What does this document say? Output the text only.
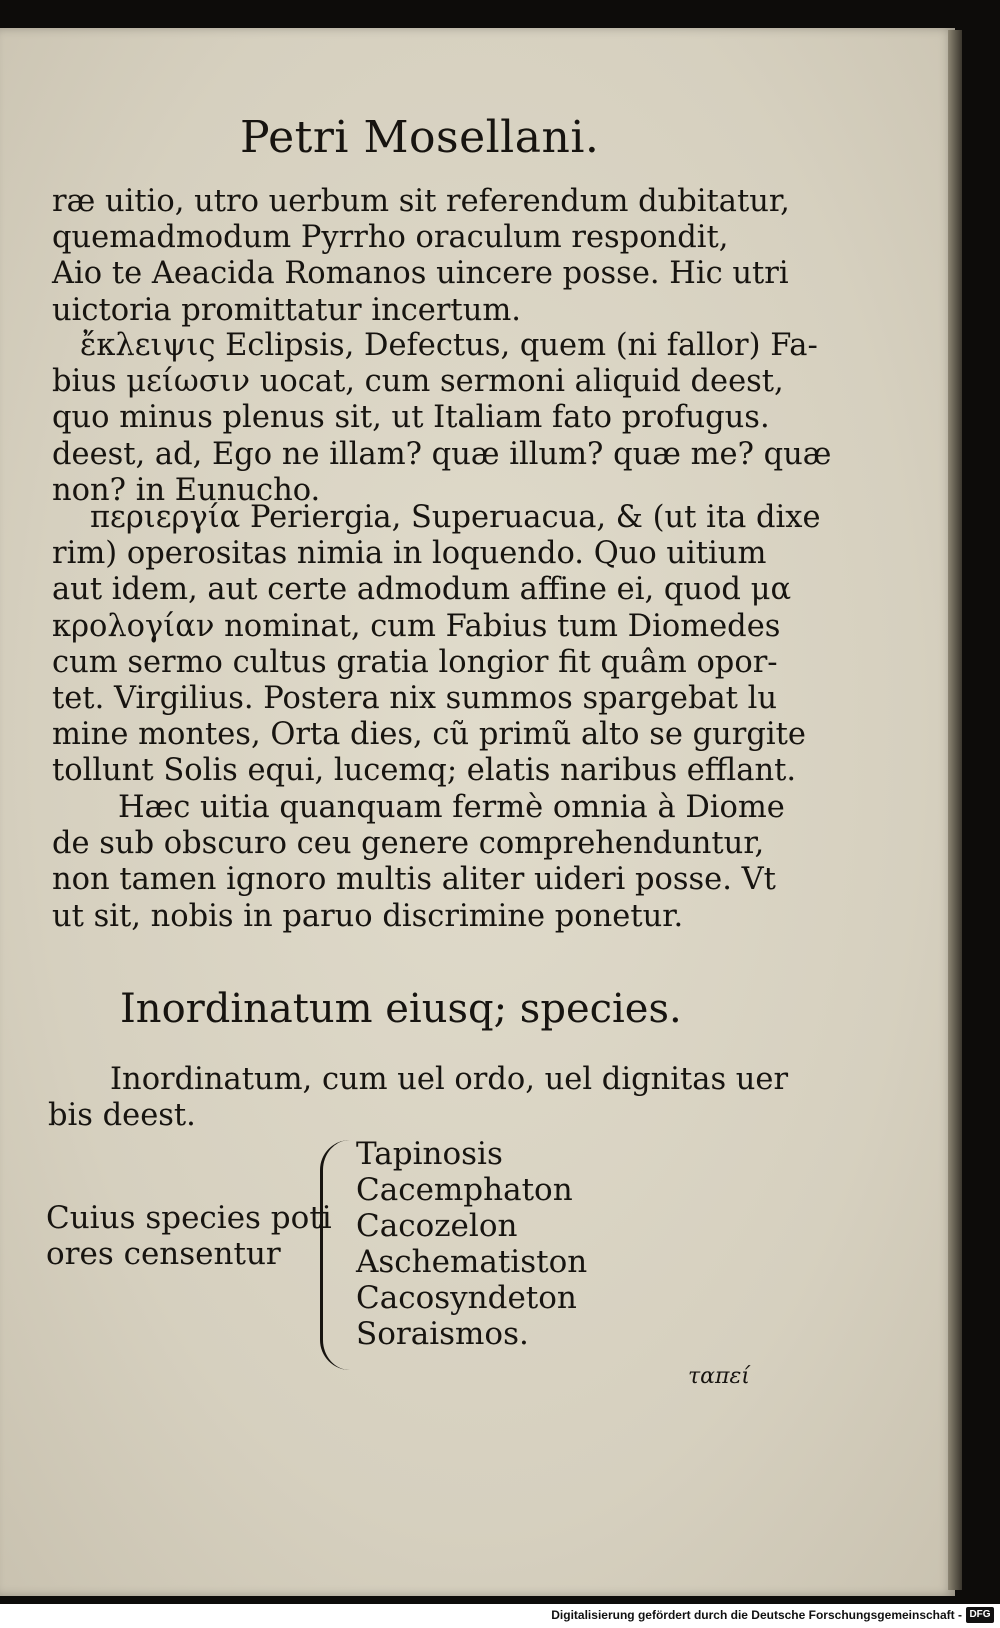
Petri Mosellani.
ræ uitio, utro uerbum sit referendum dubitatur,
quemadmodum Pyrrho oraculum respondit,
Aio te Aeacida Romanos uincere posse. Hic utri
uictoria promittatur incertum.
ἔκλειψις Eclipsis, Defectus, quem (ni fallor) Fa-
bius μείωσιν uocat, cum sermoni aliquid deest,
quo minus plenus sit, ut Italiam fato profugus.
deest, ad, Ego ne illam? quæ illum? quæ me? quæ
non? in Eunucho.
περιεργία Periergia, Superuacua, & (ut ita dixe
rim) operositas nimia in loquendo. Quo uitium
aut idem, aut certe admodum affine ei, quod μα
κρολογίαν nominat, cum Fabius tum Diomedes
cum sermo cultus gratia longior fit quâm opor-
tet. Virgilius. Postera nix summos spargebat lu
mine montes, Orta dies, cũ primũ alto se gurgite
tollunt Solis equi, lucemq; elatis naribus efflant.
Hæc uitia quanquam fermè omnia à Diome
de sub obscuro ceu genere comprehenduntur,
non tamen ignoro multis aliter uideri posse. Vt
ut sit, nobis in paruo discrimine ponetur.
Inordinatum eiusq; species.
Inordinatum, cum uel ordo, uel dignitas uer
bis deest.
Cuius species poti
ores censentur
Tapinosis
Cacemphaton
Cacozelon
Aschematiston
Cacosyndeton
Soraismos.
ταπεί
Digitalisierung gefördert durch die Deutsche Forschungsgemeinschaft - DFG
